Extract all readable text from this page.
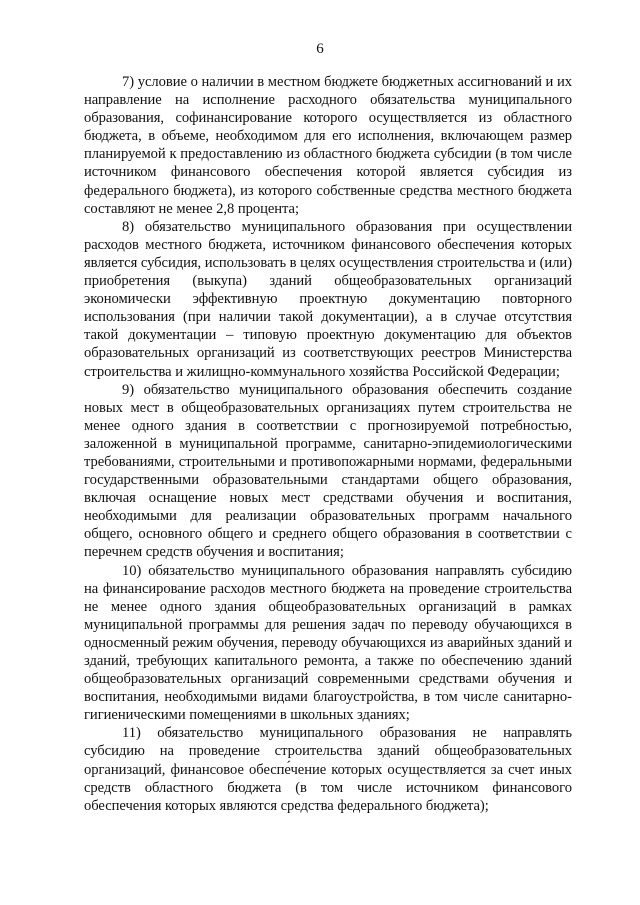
6

7) условие о наличии в местном бюджете бюджетных ассигнований и их направление на исполнение расходного обязательства муниципального образования, софинансирование которого осуществляется из областного бюджета, в объеме, необходимом для его исполнения, включающем размер планируемой к предоставлению из областного бюджета субсидии (в том числе источником финансового обеспечения которой является субсидия из федерального бюджета), из которого собственные средства местного бюджета составляют не менее 2,8 процента;

8) обязательство муниципального образования при осуществлении расходов местного бюджета, источником финансового обеспечения которых является субсидия, использовать в целях осуществления строительства и (или) приобретения (выкупа) зданий общеобразовательных организаций экономически эффективную проектную документацию повторного использования (при наличии такой документации), а в случае отсутствия такой документации – типовую проектную документацию для объектов образовательных организаций из соответствующих реестров Министерства строительства и жилищно-коммунального хозяйства Российской Федерации;

9) обязательство муниципального образования обеспечить создание новых мест в общеобразовательных организациях путем строительства не менее одного здания в соответствии с прогнозируемой потребностью, заложенной в муниципальной программе, санитарно-эпидемиологическими требованиями, строительными и противопожарными нормами, федеральными государственными образовательными стандартами общего образования, включая оснащение новых мест средствами обучения и воспитания, необходимыми для реализации образовательных программ начального общего, основного общего и среднего общего образования в соответствии с перечнем средств обучения и воспитания;

10) обязательство муниципального образования направлять субсидию на финансирование расходов местного бюджета на проведение строительства не менее одного здания общеобразовательных организаций в рамках муниципальной программы для решения задач по переводу обучающихся в односменный режим обучения, переводу обучающихся из аварийных зданий и зданий, требующих капитального ремонта, а также по обеспечению зданий общеобразовательных организаций современными средствами обучения и воспитания, необходимыми видами благоустройства, в том числе санитарно-гигиеническими помещениями в школьных зданиях;

11) обязательство муниципального образования не направлять субсидию на проведение строительства зданий общеобразовательных организаций, финансовое обеспе́чение которых осуществляется за счет иных средств областного бюджета (в том числе источником финансового обеспечения которых являются средства федерального бюджета);
